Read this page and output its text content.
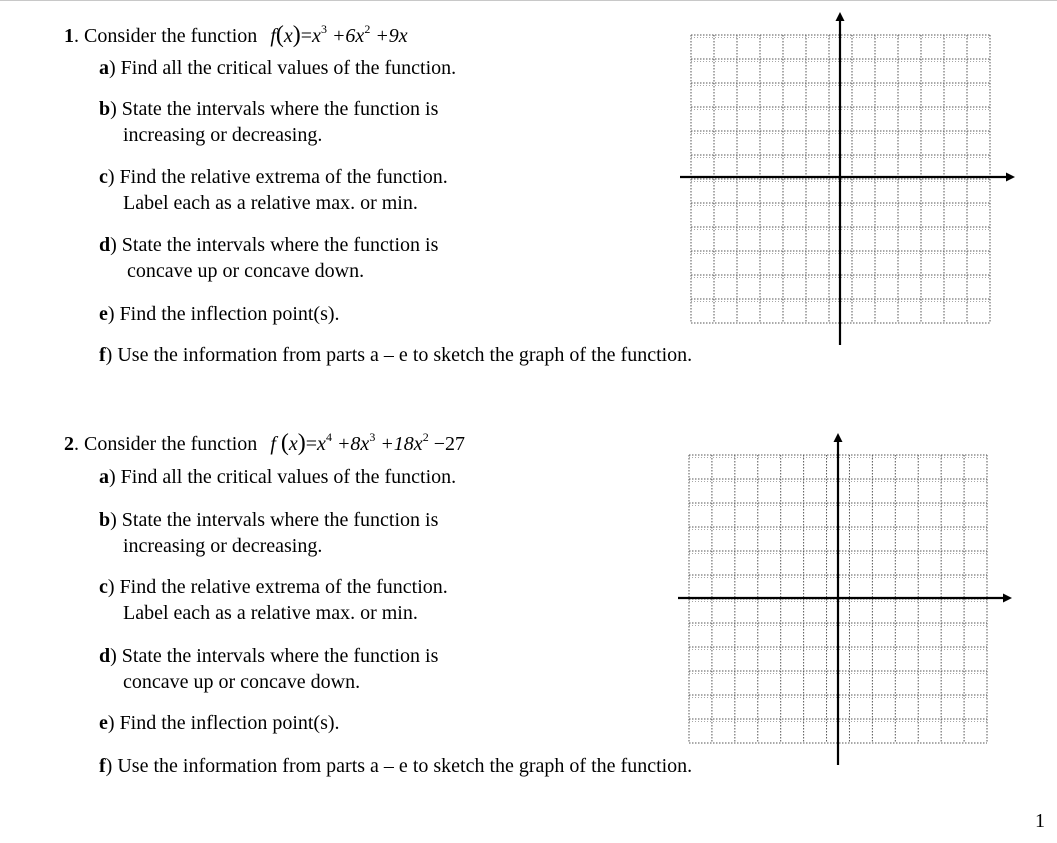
1. Consider the function $f(x)=x^3 +6x^2 +9x$
a) Find all the critical values of the function.
b) State the intervals where the function is
increasing or decreasing.
c) Find the relative extrema of the function.
Label each as a relative max. or min.
d) State the intervals where the function is
concave up or concave down.
e) Find the inflection point(s).
f) Use the information from parts a – e to sketch the graph of the function.
2. Consider the function f $(x)=x^4 +8x^3 +18x^2 -27$
a) Find all the critical values of the function.
b) State the intervals where the function is
increasing or decreasing.
c) Find the relative extrema of the function.
Label each as a relative max. or min.
d) State the intervals where the function is
concave up or concave down.
e) Find the inflection point(s).
f) Use the information from parts a – e to sketch the graph of the function.
1
